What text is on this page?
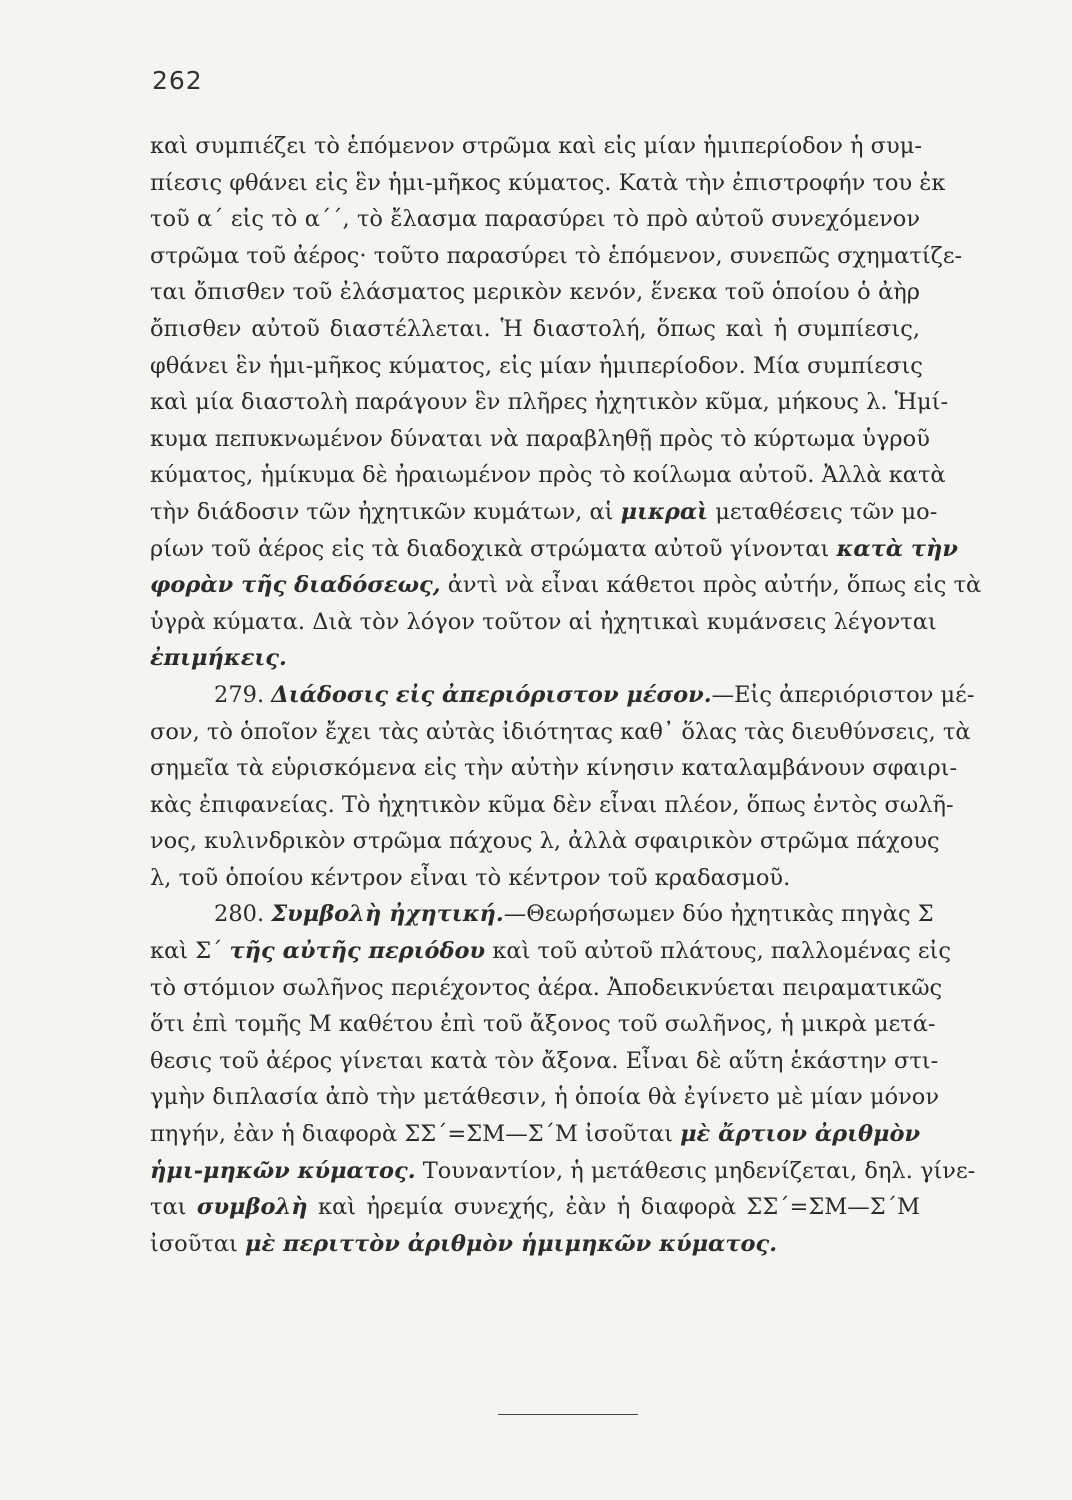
262
καὶ συμπιέζει τὸ ἑπόμενον στρῶμα καὶ εἰς μίαν ἡμιπερίοδον ἡ συμ-
πίεσις φθάνει εἰς ἓν ἡμι-μῆκος κύματος. Κατὰ τὴν ἐπιστροφήν του ἐκ
τοῦ α΄ εἰς τὸ α΄΄, τὸ ἔλασμα παρασύρει τὸ πρὸ αὐτοῦ συνεχόμενον
στρῶμα τοῦ ἀέρος· τοῦτο παρασύρει τὸ ἑπόμενον, συνεπῶς σχηματίζε-
ται ὄπισθεν τοῦ ἐλάσματος μερικὸν κενόν, ἕνεκα τοῦ ὁποίου ὁ ἀὴρ
ὄπισθεν αὐτοῦ διαστέλλεται. Ἡ διαστολή, ὅπως καὶ ἡ συμπίεσις,
φθάνει ἓν ἡμι-μῆκος κύματος, εἰς μίαν ἡμιπερίοδον. Μία συμπίεσις
καὶ μία διαστολὴ παράγουν ἓν πλῆρες ἠχητικὸν κῦμα, μήκους λ. Ἡμί-
κυμα πεπυκνωμένον δύναται νὰ παραβληθῇ πρὸς τὸ κύρτωμα ὑγροῦ
κύματος, ἡμίκυμα δὲ ἠραιωμένον πρὸς τὸ κοίλωμα αὐτοῦ. Ἀλλὰ κατὰ
τὴν διάδοσιν τῶν ἠχητικῶν κυμάτων, αἱ μικραὶ μεταθέσεις τῶν μο-
ρίων τοῦ ἀέρος εἰς τὰ διαδοχικὰ στρώματα αὐτοῦ γίνονται κατὰ τὴν
φορὰν τῆς διαδόσεως, ἀντὶ νὰ εἶναι κάθετοι πρὸς αὐτήν, ὅπως εἰς τὰ
ὑγρὰ κύματα. Διὰ τὸν λόγον τοῦτον αἱ ἠχητικαὶ κυμάνσεις λέγονται
ἐπιμήκεις.
279. Διάδοσις εἰς ἀπεριόριστον μέσον.—Εἰς ἀπεριόριστον μέ-
σον, τὸ ὁποῖον ἔχει τὰς αὐτὰς ἰδιότητας καθ᾿ ὅλας τὰς διευθύνσεις, τὰ
σημεῖα τὰ εὑρισκόμενα εἰς τὴν αὐτὴν κίνησιν καταλαμβάνουν σφαιρι-
κὰς ἐπιφανείας. Τὸ ἠχητικὸν κῦμα δὲν εἶναι πλέον, ὅπως ἐντὸς σωλῆ-
νος, κυλινδρικὸν στρῶμα πάχους λ, ἀλλὰ σφαιρικὸν στρῶμα πάχους
λ, τοῦ ὁποίου κέντρον εἶναι τὸ κέντρον τοῦ κραδασμοῦ.
280. Συμβολὴ ἠχητική.—Θεωρήσωμεν δύο ἠχητικὰς πηγὰς Σ
καὶ Σ΄ τῆς αὐτῆς περιόδου καὶ τοῦ αὐτοῦ πλάτους, παλλομένας εἰς
τὸ στόμιον σωλῆνος περιέχοντος ἀέρα. Ἀποδεικνύεται πειραματικῶς
ὅτι ἐπὶ τομῆς Μ καθέτου ἐπὶ τοῦ ἄξονος τοῦ σωλῆνος, ἡ μικρὰ μετά-
θεσις τοῦ ἀέρος γίνεται κατὰ τὸν ἄξονα. Εἶναι δὲ αὕτη ἑκάστην στι-
γμὴν διπλασία ἀπὸ τὴν μετάθεσιν, ἡ ὁποία θὰ ἐγίνετο μὲ μίαν μόνον
πηγήν, ἐὰν ἡ διαφορὰ ΣΣ΄=ΣΜ—Σ΄Μ ἰσοῦται μὲ ἄρτιον ἀριθμὸν
ἡμι-μηκῶν κύματος. Τουναντίον, ἡ μετάθεσις μηδενίζεται, δηλ. γίνε-
ται συμβολὴ καὶ ἠρεμία συνεχής, ἐὰν ἡ διαφορὰ ΣΣ΄=ΣΜ—Σ΄Μ
ἰσοῦται μὲ περιττὸν ἀριθμὸν ἡμιμηκῶν κύματος.
